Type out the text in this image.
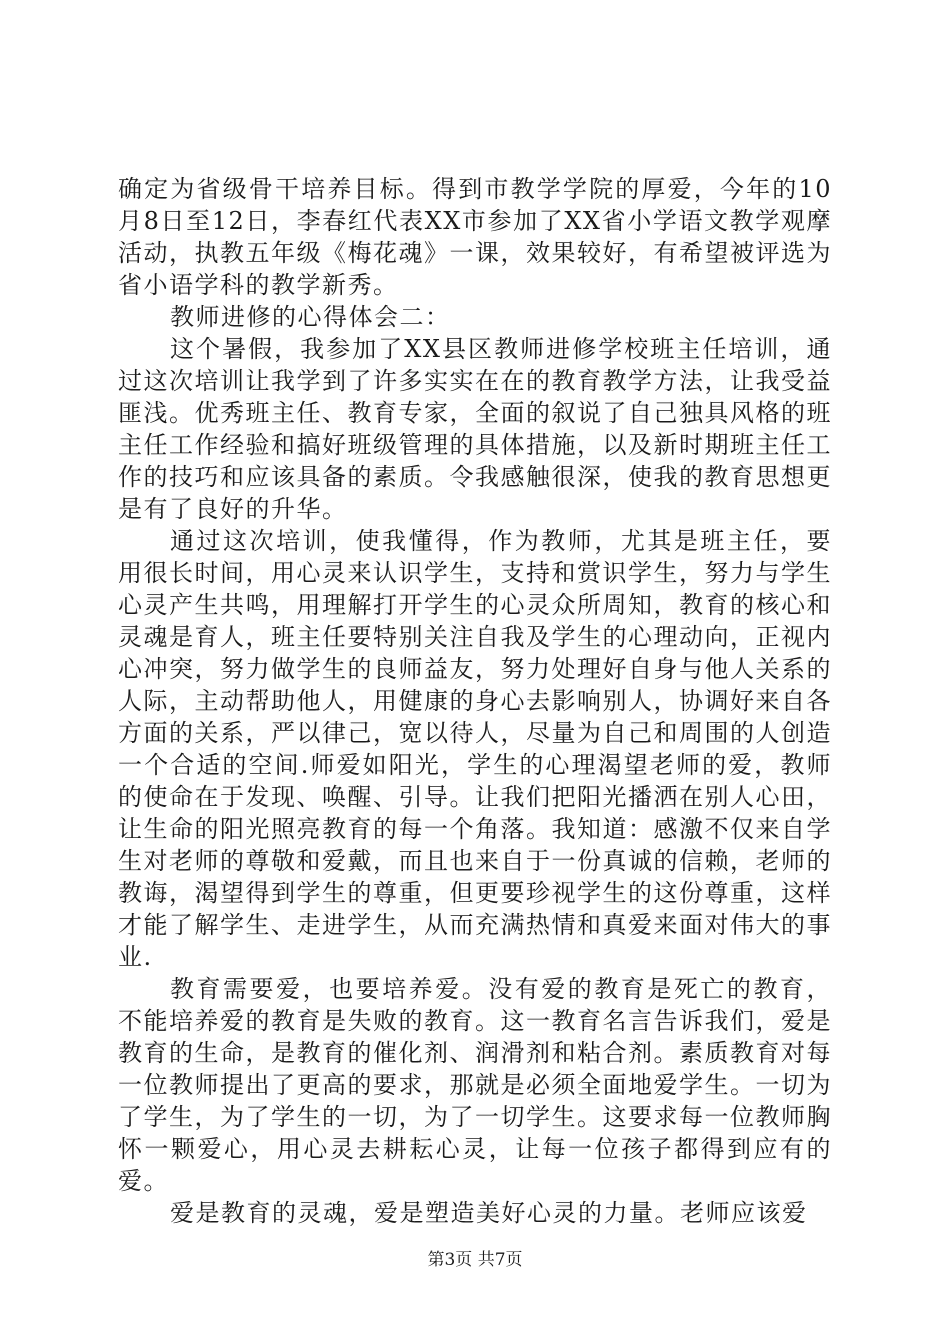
确定为省级骨干培养目标。得到市教学学院的厚爱，今年的10月8日至12日，李春红代表XX市参加了XX省小学语文教学观摩活动，执教五年级《梅花魂》一课，效果较好，有希望被评选为省小语学科的教学新秀。

教师进修的心得体会二：

这个暑假，我参加了XX县区教师进修学校班主任培训，通过这次培训让我学到了许多实实在在的教育教学方法，让我受益匪浅。优秀班主任、教育专家，全面的叙说了自己独具风格的班主任工作经验和搞好班级管理的具体措施，以及新时期班主任工作的技巧和应该具备的素质。令我感触很深，使我的教育思想更是有了良好的升华。

通过这次培训，使我懂得，作为教师，尤其是班主任，要用很长时间，用心灵来认识学生，支持和赏识学生，努力与学生心灵产生共鸣，用理解打开学生的心灵众所周知，教育的核心和灵魂是育人，班主任要特别关注自我及学生的心理动向，正视内心冲突，努力做学生的良师益友，努力处理好自身与他人关系的人际，主动帮助他人，用健康的身心去影响别人，协调好来自各方面的关系，严以律己，宽以待人，尽量为自己和周围的人创造一个合适的空间.师爱如阳光，学生的心理渴望老师的爱，教师的使命在于发现、唤醒、引导。让我们把阳光播洒在别人心田，让生命的阳光照亮教育的每一个角落。我知道：感激不仅来自学生对老师的尊敬和爱戴，而且也来自于一份真诚的信赖，老师的教诲，渴望得到学生的尊重，但更要珍视学生的这份尊重，这样才能了解学生、走进学生，从而充满热情和真爱来面对伟大的事业.

教育需要爱，也要培养爱。没有爱的教育是死亡的教育，不能培养爱的教育是失败的教育。这一教育名言告诉我们，爱是教育的生命，是教育的催化剂、润滑剂和粘合剂。素质教育对每一位教师提出了更高的要求，那就是必须全面地爱学生。一切为了学生，为了学生的一切，为了一切学生。这要求每一位教师胸怀一颗爱心，用心灵去耕耘心灵，让每一位孩子都得到应有的爱。

爱是教育的灵魂，爱是塑造美好心灵的力量。老师应该爱

第3页 共7页
